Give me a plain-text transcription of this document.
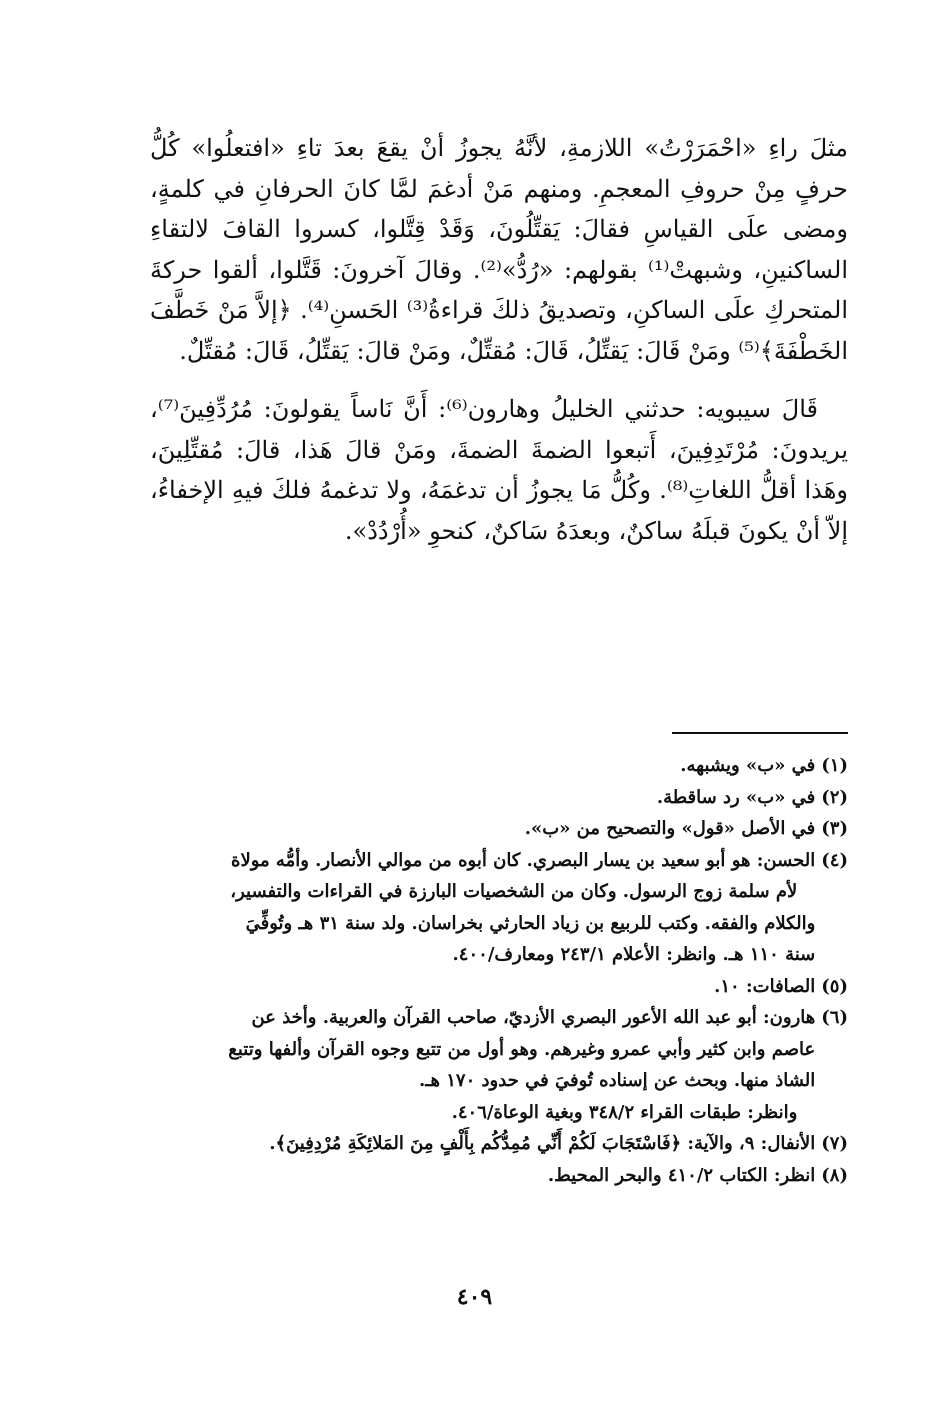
مثلَ راءِ «احْمَرَرْتُ» اللازمةِ، لأنَّهُ يجوزُ أنْ يقعَ بعدَ تاءِ «افتعلُوا» كُلُّ حرفٍ مِنْ حروفِ المعجمِ. ومنهم مَنْ أدغمَ لمَّا كانَ الحرفانِ في كلمةٍ، ومضى علَى القياسِ فقالَ: يَقتِّلُونَ، وَقَدْ قِتَّلوا، كسروا القافَ لالتقاءِ الساكنينِ، وشبهتْ⁽¹⁾ بقولهم: «رُدُّ»⁽²⁾. وقالَ آخرونَ: قَتَّلوا، ألقوا حركةَ المتحركِ علَى الساكنِ، وتصديقُ ذلكَ قراءةُ⁽³⁾ الحَسنِ⁽⁴⁾. ﴿إلاَّ مَنْ خَطَّفَ الخَطْفَةَ﴾⁽⁵⁾ ومَنْ قَالَ: يَقتِّلُ، قَالَ: مُقتِّلٌ، ومَنْ قالَ: يَقتِّلُ، قَالَ: مُقتِّلٌ.

قَالَ سيبويه: حدثني الخليلُ وهارون⁽⁶⁾: أَنَّ نَاساً يقولونَ: مُرُدِّفِينَ⁽⁷⁾، يريدونَ: مُرْتَدِفِينَ، أَتبعوا الضمةَ الضمةَ، ومَنْ قالَ هَذا، قالَ: مُقتِّلِينَ، وهَذا أقلُّ اللغاتِ⁽⁸⁾. وكُلُّ مَا يجوزُ أن تدغمَهُ، ولا تدغمهُ فلكَ فيهِ الإخفاءُ، إلاّ أنْ يكونَ قبلَهُ ساكنٌ، وبعدَهُ سَاكنٌ، كنحوِ «أُرْدُدْ».

(١)
في «ب» ويشبهه.
(٢)
في «ب» رد ساقطة.
(٣)
في الأصل «قول» والتصحيح من «ب».
(٤)
الحسن: هو أبو سعيد بن يسار البصري. كان أبوه من موالي الأنصار. وأمُّه مولاة
لأم سلمة زوج الرسول. وكان من الشخصيات البارزة في القراءات والتفسير،
والكلام والفقه. وكتب للربيع بن زياد الحارثي بخراسان. ولد سنة ٣١ هـ وتُوفِّيَ
سنة ١١٠ هـ. وانظر: الأعلام ٢٤٣/١ ومعارف/٤٠٠.
(٥)
الصافات: ١٠.
(٦)
هارون: أبو عبد الله الأعور البصري الأزديّ، صاحب القرآن والعربية. وأخذ عن
عاصم وابن كثير وأبي عمرو وغيرهم. وهو أول من تتبع وجوه القرآن وألفها وتتبع
الشاذ منها. وبحث عن إسناده تُوفيَ في حدود ١٧٠ هـ.
وانظر: طبقات القراء ٣٤٨/٢ وبغية الوعاة/٤٠٦.
(٧)
الأنفال: ٩، والآية: ﴿فَاسْتَجَابَ لَكُمْ أَنِّي مُمِدُّكُم بِأَلْفٍ مِنَ المَلائِكَةِ مُرْدِفِينَ﴾.
(٨)
انظر: الكتاب ٤١٠/٢ والبحر المحيط.
٤٠٩
